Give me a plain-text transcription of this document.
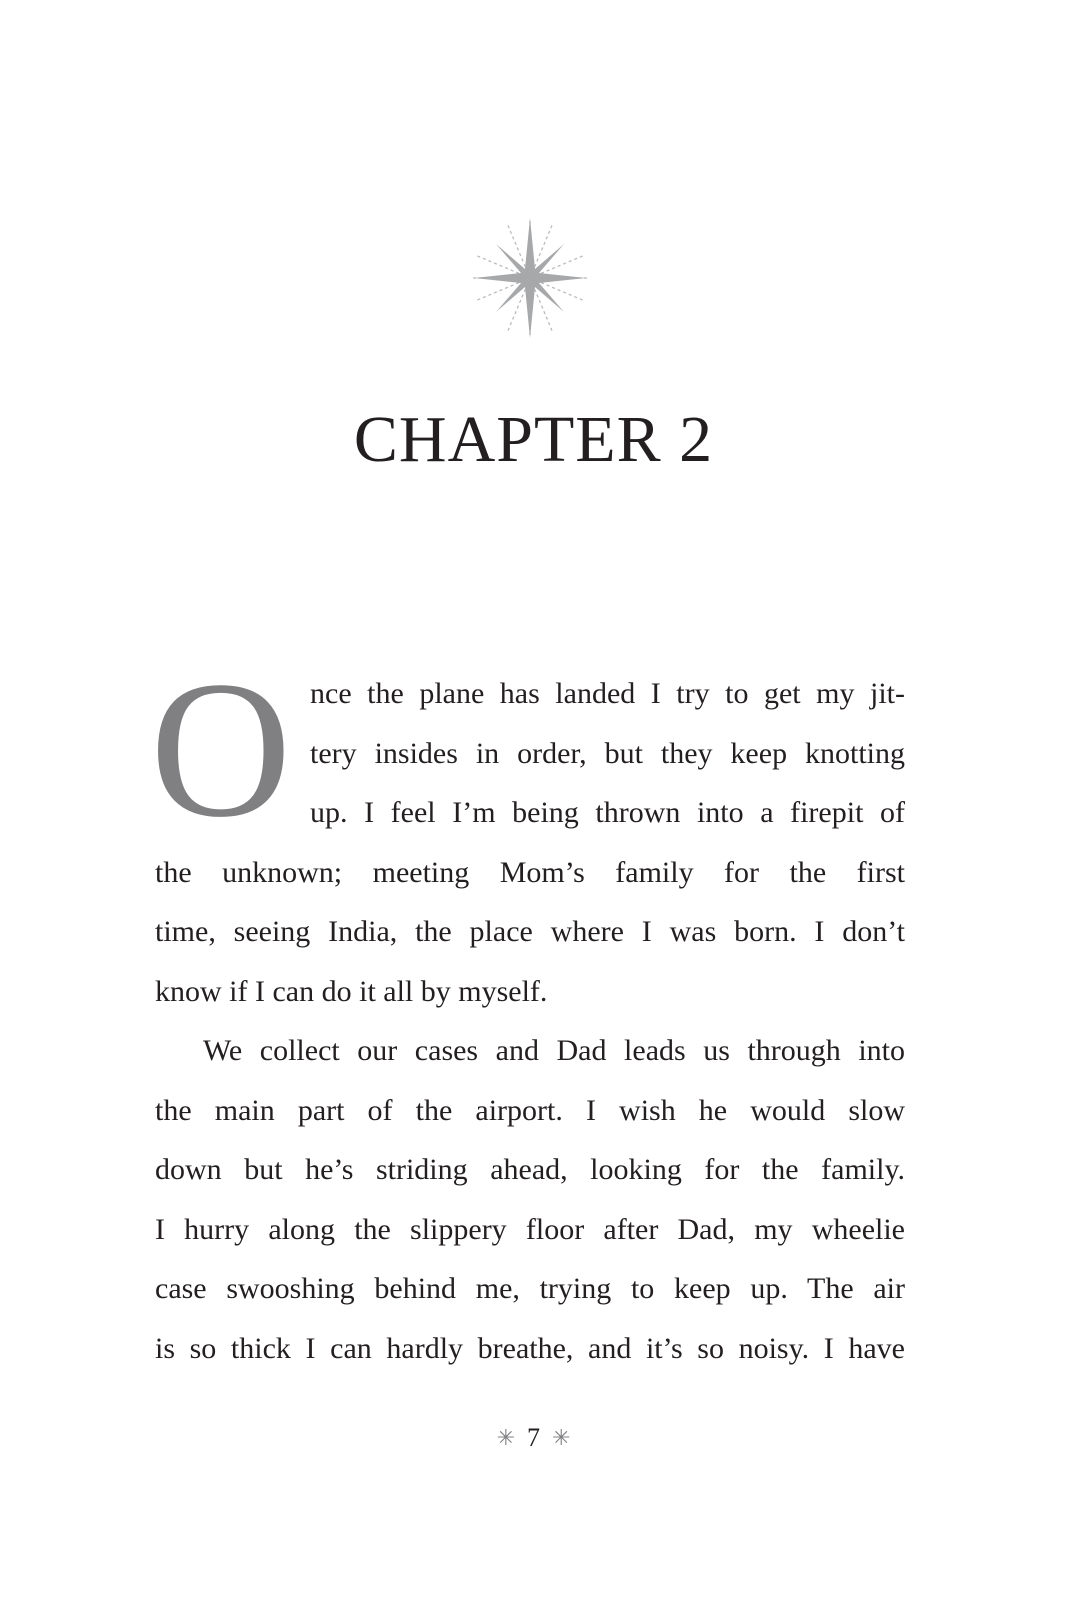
CHAPTER 2
O nce the plane has landed I try to get my jit-
tery insides in order, but they keep knotting
up. I feel I’m being thrown into a firepit of
the unknown; meeting Mom’s family for the first
time, seeing India, the place where I was born. I don’t
know if I can do it all by myself.
We collect our cases and Dad leads us through into
the main part of the airport. I wish he would slow
down but he’s striding ahead, looking for the family.
I hurry along the slippery floor after Dad, my wheelie
case swooshing behind me, trying to keep up. The air
is so thick I can hardly breathe, and it’s so noisy. I have
✳ 7 ✳
